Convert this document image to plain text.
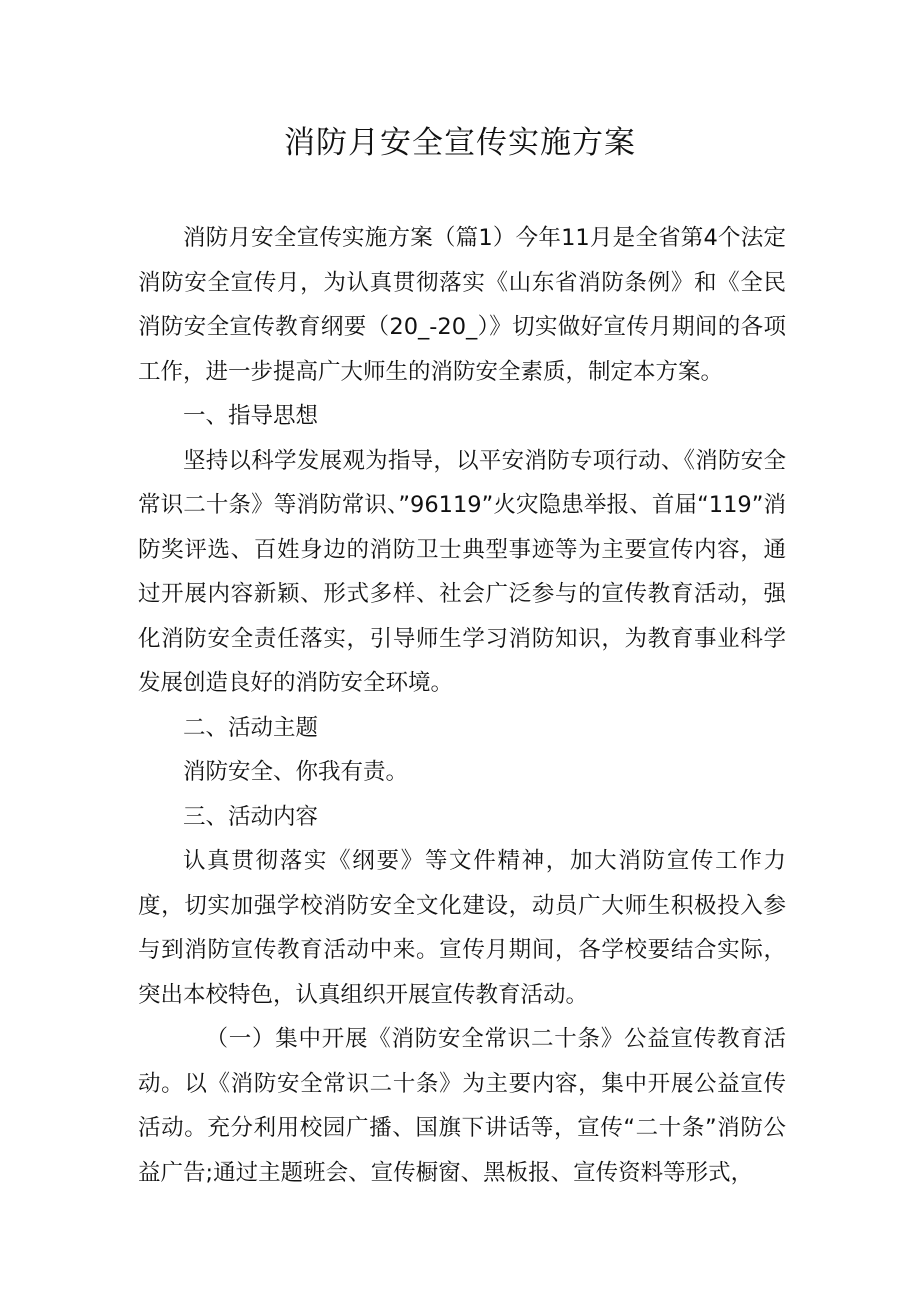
消防月安全宣传实施方案

消防月安全宣传实施方案（篇1）今年11月是全省第4个法定消防安全宣传月，为认真贯彻落实《山东省消防条例》和《全民消防安全宣传教育纲要（20_-20_）》切实做好宣传月期间的各项工作，进一步提高广大师生的消防安全素质，制定本方案。

一、指导思想

坚持以科学发展观为指导，以平安消防专项行动、《消防安全常识二十条》等消防常识、”96119”火灾隐患举报、首届“119”消防奖评选、百姓身边的消防卫士典型事迹等为主要宣传内容，通过开展内容新颖、形式多样、社会广泛参与的宣传教育活动，强化消防安全责任落实，引导师生学习消防知识，为教育事业科学发展创造良好的消防安全环境。

二、活动主题

消防安全、你我有责。

三、活动内容

认真贯彻落实《纲要》等文件精神，加大消防宣传工作力度，切实加强学校消防安全文化建设，动员广大师生积极投入参与到消防宣传教育活动中来。宣传月期间，各学校要结合实际，突出本校特色，认真组织开展宣传教育活动。

（一）集中开展《消防安全常识二十条》公益宣传教育活动。以《消防安全常识二十条》为主要内容，集中开展公益宣传活动。充分利用校园广播、国旗下讲话等，宣传“二十条”消防公益广告;通过主题班会、宣传橱窗、黑板报、宣传资料等形式，
